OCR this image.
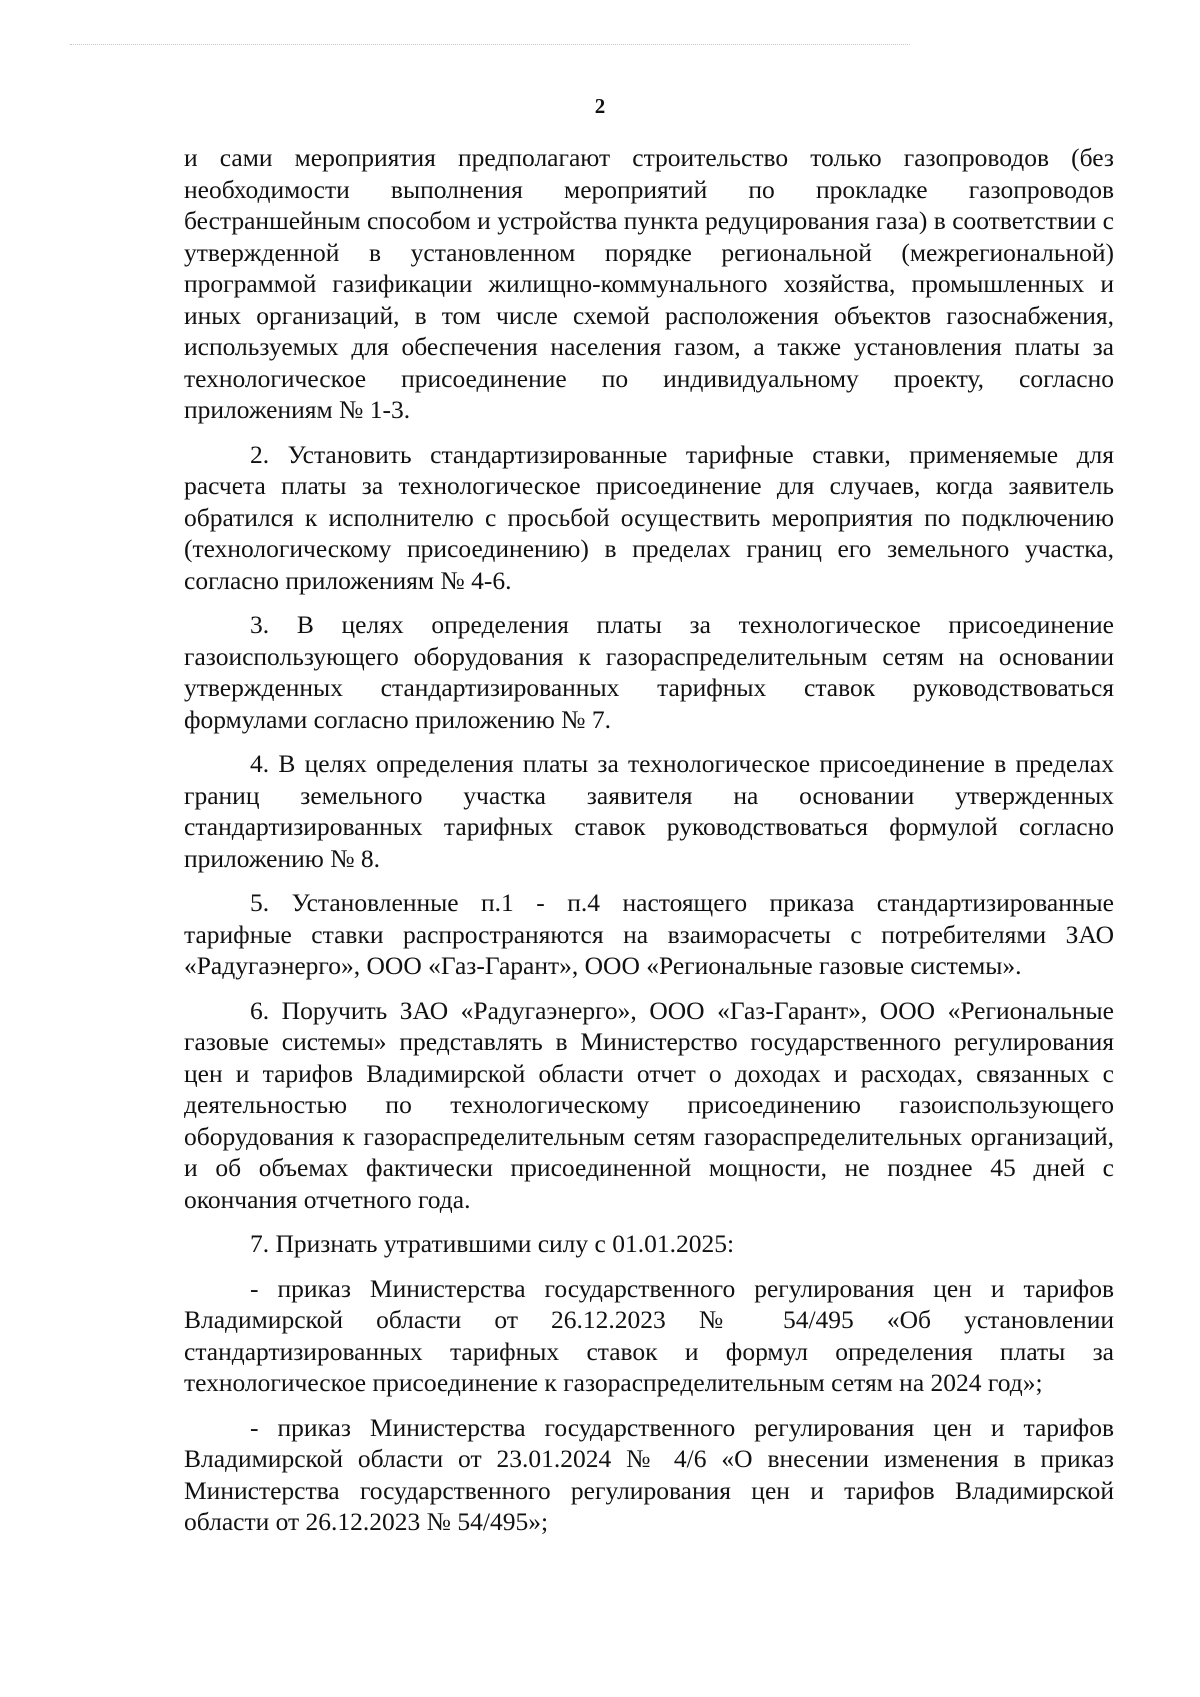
2

и сами мероприятия предполагают строительство только газопроводов (без необходимости выполнения мероприятий по прокладке газопроводов бестраншейным способом и устройства пункта редуцирования газа) в соответствии с утвержденной в установленном порядке региональной (межрегиональной) программой газификации жилищно-коммунального хозяйства, промышленных и иных организаций, в том числе схемой расположения объектов газоснабжения, используемых для обеспечения населения газом, а также установления платы за технологическое присоединение по индивидуальному проекту, согласно приложениям № 1-3.

2. Установить стандартизированные тарифные ставки, применяемые для расчета платы за технологическое присоединение для случаев, когда заявитель обратился к исполнителю с просьбой осуществить мероприятия по подключению (технологическому присоединению) в пределах границ его земельного участка, согласно приложениям № 4-6.

3. В целях определения платы за технологическое присоединение газоиспользующего оборудования к газораспределительным сетям на основании утвержденных стандартизированных тарифных ставок руководствоваться формулами согласно приложению № 7.

4. В целях определения платы за технологическое присоединение в пределах границ земельного участка заявителя на основании утвержденных стандартизированных тарифных ставок руководствоваться формулой согласно приложению № 8.

5. Установленные п.1 - п.4 настоящего приказа стандартизированные тарифные ставки распространяются на взаиморасчеты с потребителями ЗАО «Радугаэнерго», ООО «Газ-Гарант», ООО «Региональные газовые системы».

6. Поручить ЗАО «Радугаэнерго», ООО «Газ-Гарант», ООО «Региональные газовые системы» представлять в Министерство государственного регулирования цен и тарифов Владимирской области отчет о доходах и расходах, связанных с деятельностью по технологическому присоединению газоиспользующего оборудования к газораспределительным сетям газораспределительных организаций, и об объемах фактически присоединенной мощности, не позднее 45 дней с окончания отчетного года.

7. Признать утратившими силу с 01.01.2025:

- приказ Министерства государственного регулирования цен и тарифов Владимирской области от 26.12.2023 № 54/495 «Об установлении стандартизированных тарифных ставок и формул определения платы за технологическое присоединение к газораспределительным сетям на 2024 год»;

- приказ Министерства государственного регулирования цен и тарифов Владимирской области от 23.01.2024 № 4/6 «О внесении изменения в приказ Министерства государственного регулирования цен и тарифов Владимирской области от 26.12.2023 № 54/495»;
